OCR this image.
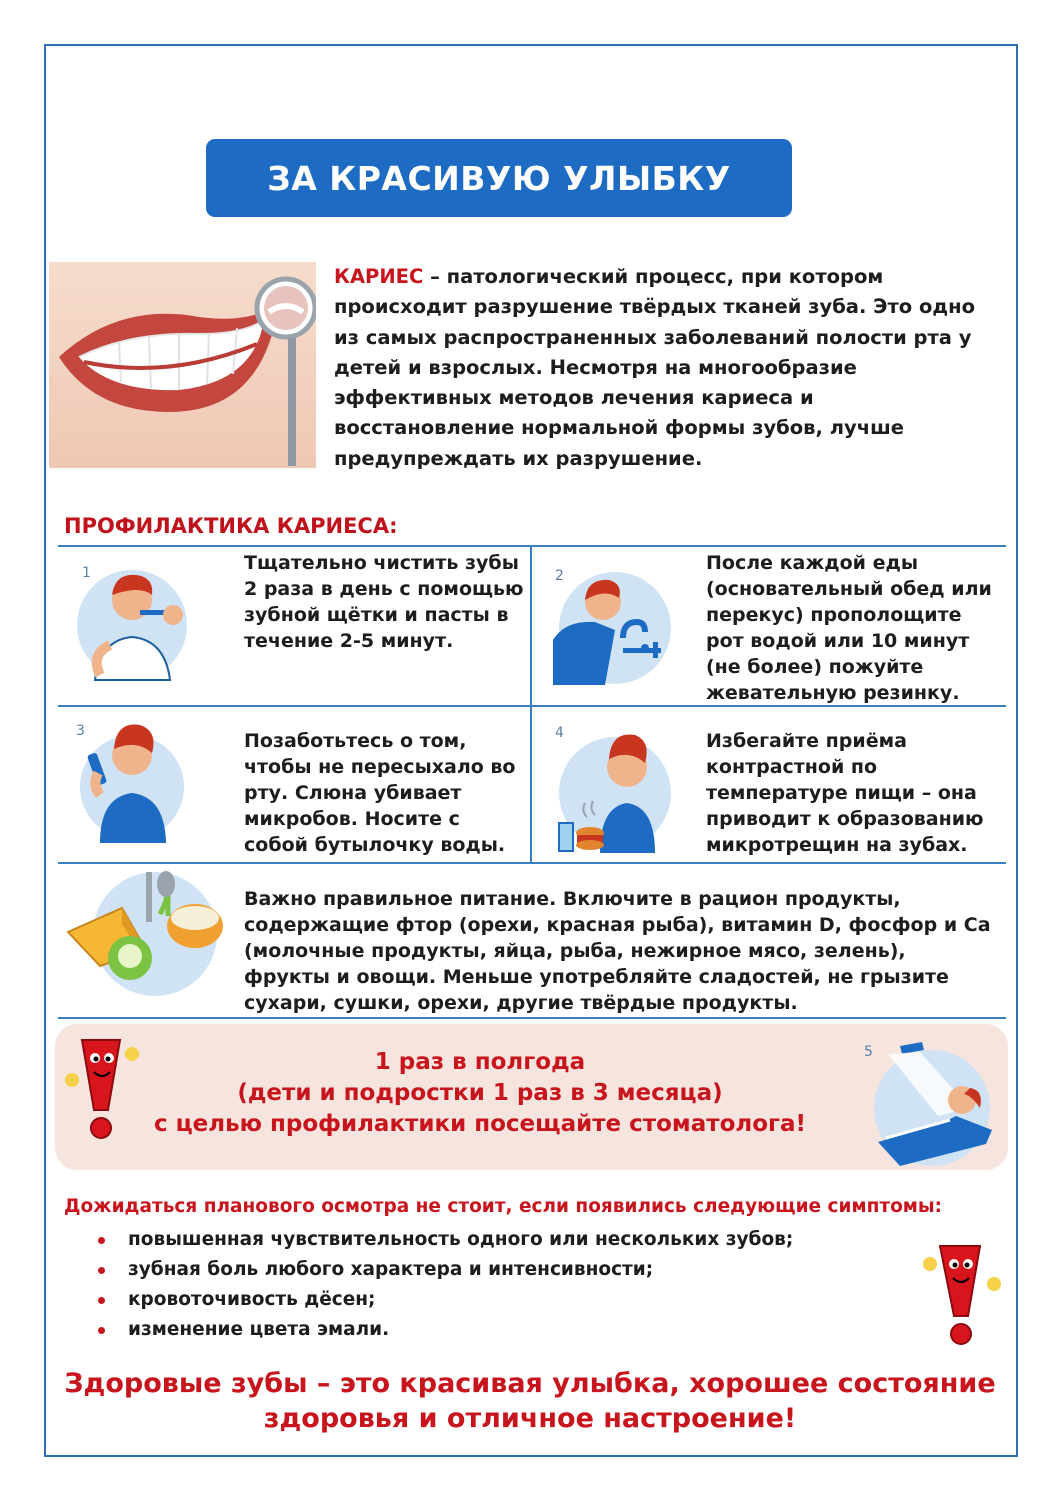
ЗА КРАСИВУЮ УЛЫБКУ
КАРИЕС – патологический процесс, при котором происходит разрушение твёрдых тканей зуба. Это одно из самых распространенных заболеваний полости рта у детей и взрослых. Несмотря на многообразие эффективных методов лечения кариеса и восстановление нормальной формы зубов, лучше предупреждать их разрушение.
ПРОФИЛАКТИКА КАРИЕСА:
1	Тщательно чистить зубы 2 раза в день с помощью зубной щётки и пасты в течение 2-5 минут.
2
После каждой еды (основательный обед или перекус) прополощите рот водой или 10 минут (не более) пожуйте жевательную резинку.
3	Позаботьтесь о том, чтобы не пересыхало во рту. Слюна убивает микробов. Носите с собой бутылочку воды.
4	Избегайте приёма контрастной по температуре пищи – она приводит к образованию микротрещин на зубах.
Важно правильное питание. Включите в рацион продукты, содержащие фтор (орехи, красная рыба), витамин D, фосфор и Ca (молочные продукты, яйца, рыба, нежирное мясо, зелень), фрукты и овощи. Меньше употребляйте сладостей, не грызите сухари, сушки, орехи, другие твёрдые продукты.
1 раз в полгода
(дети и подростки 1 раз в 3 месяца)
с целью профилактики посещайте стоматолога!
5
Дожидаться планового осмотра не стоит, если появились следующие симптомы:
повышенная чувствительность одного или нескольких зубов;
зубная боль любого характера и интенсивности;
кровоточивость дёсен;
изменение цвета эмали.
Здоровые зубы – это красивая улыбка, хорошее состояние
здоровья и отличное настроение!
